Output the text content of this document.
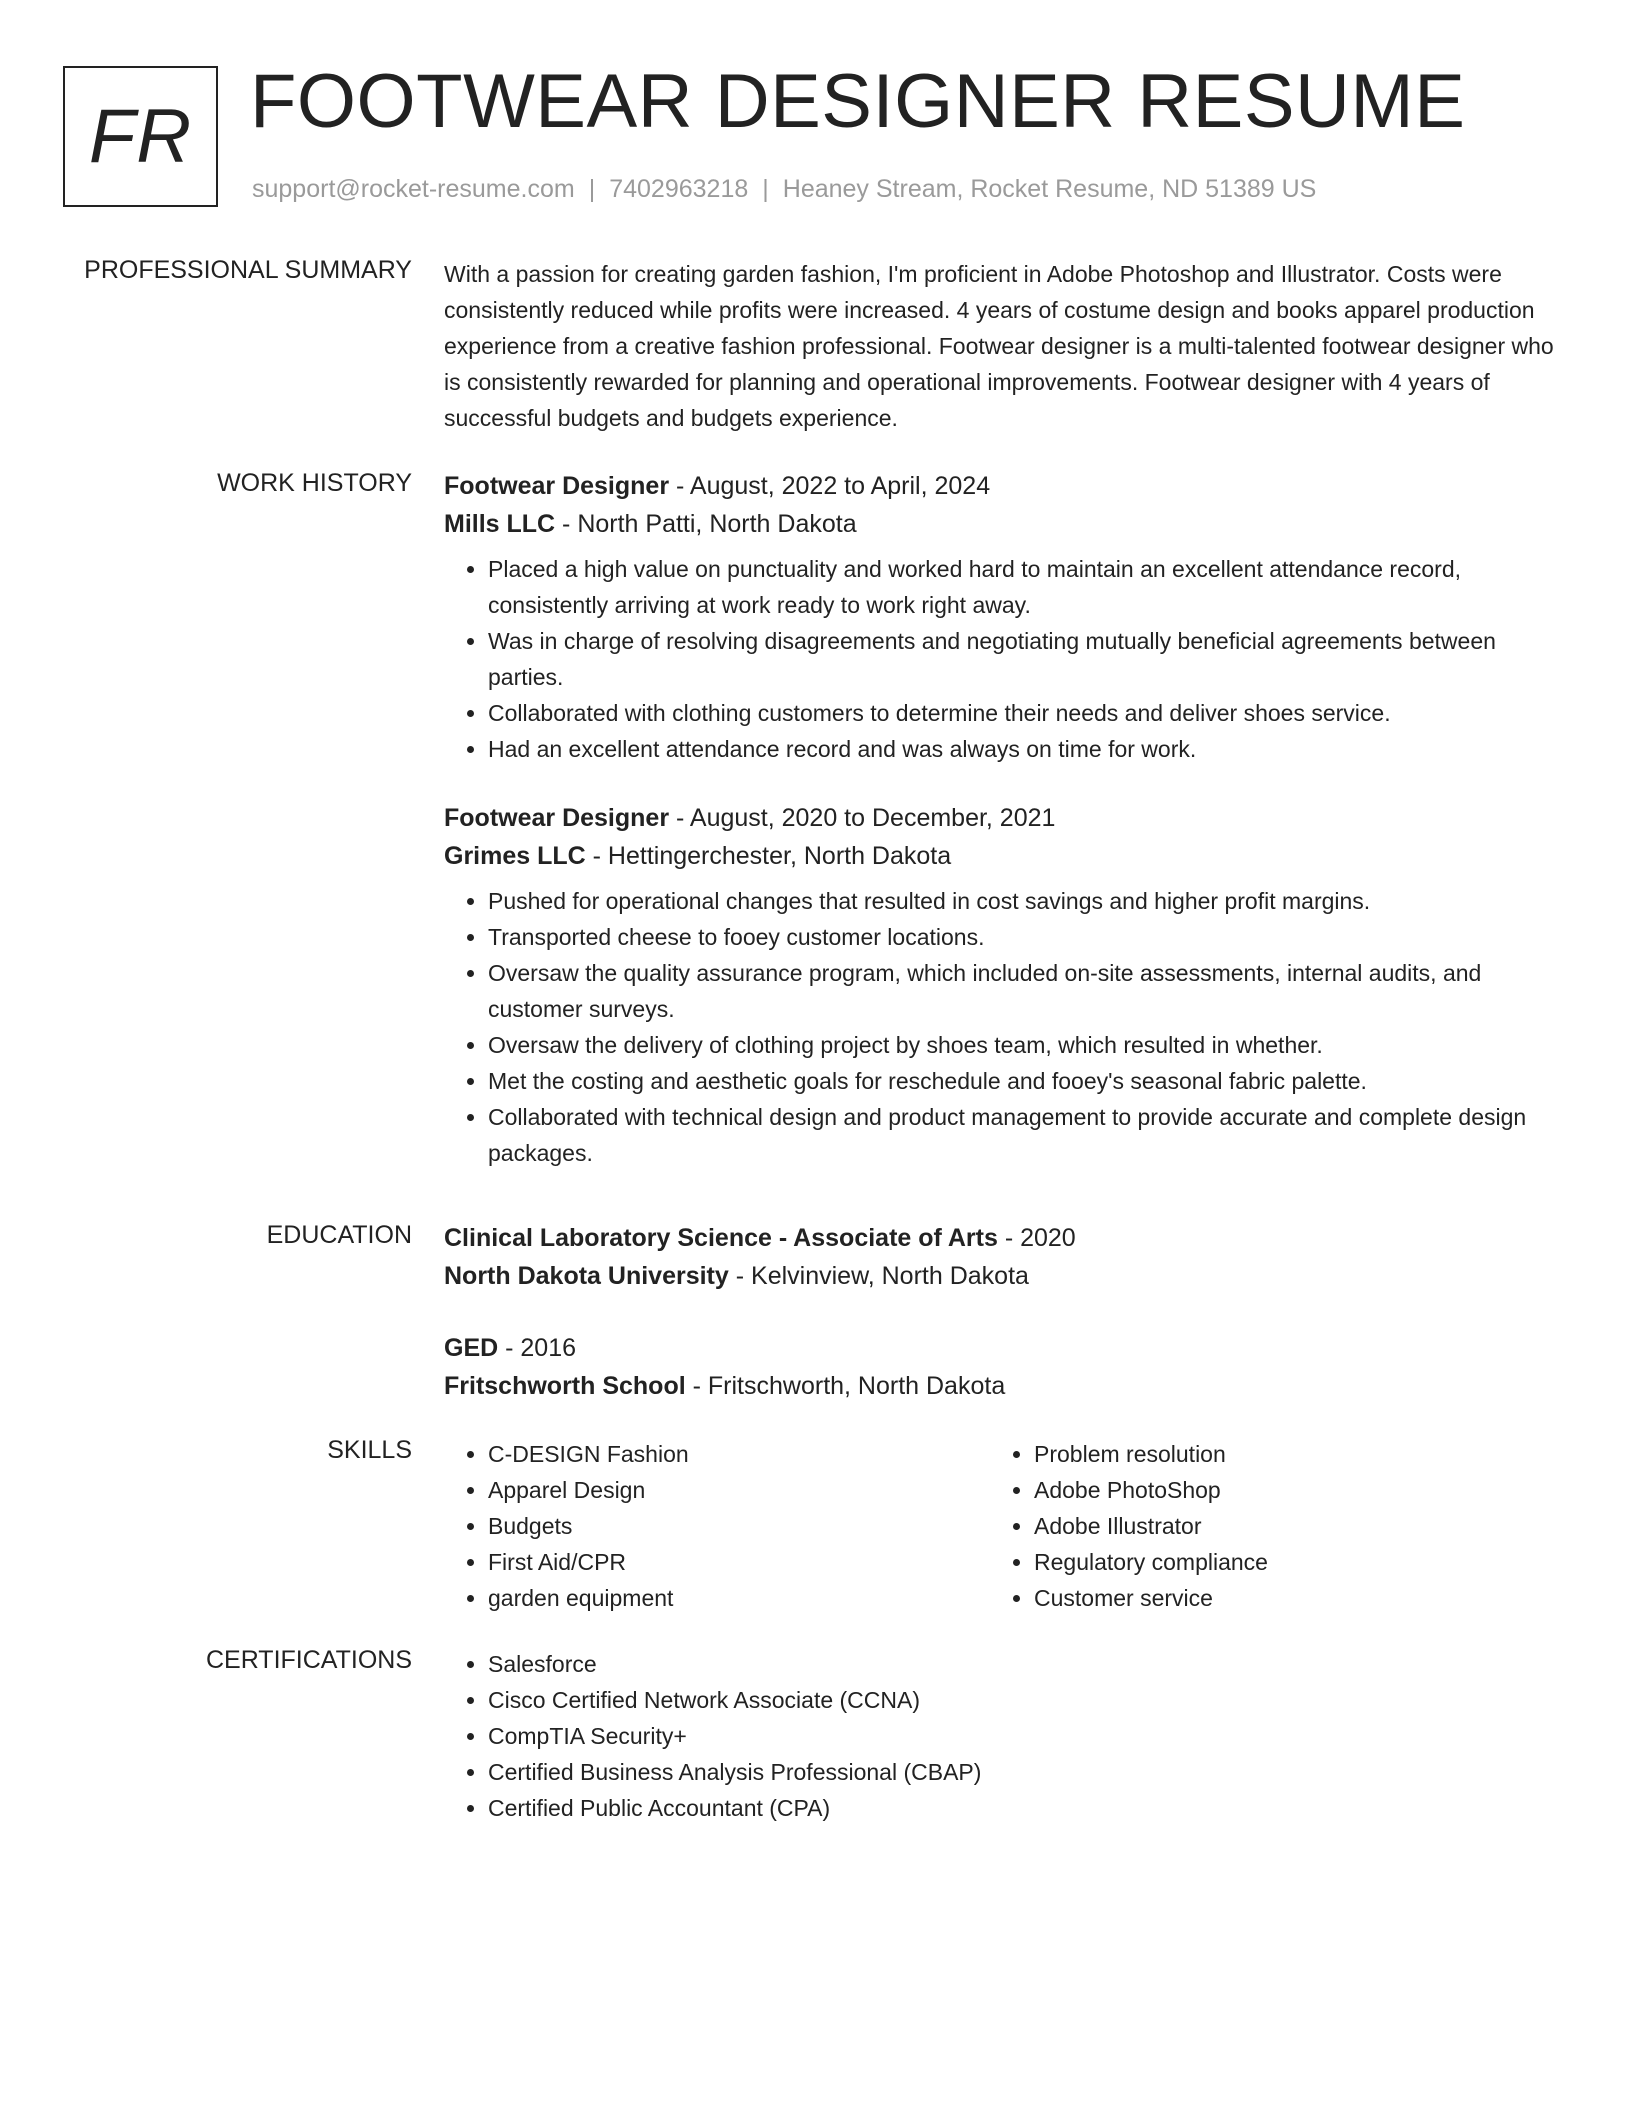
FR FOOTWEAR DESIGNER RESUME
support@rocket-resume.com | 7402963218 | Heaney Stream, Rocket Resume, ND 51389 US
PROFESSIONAL SUMMARY With a passion for creating garden fashion, I'm proficient in Adobe Photoshop and Illustrator. Costs were consistently reduced while profits were increased. 4 years of costume design and books apparel production experience from a creative fashion professional. Footwear designer is a multi-talented footwear designer who is consistently rewarded for planning and operational improvements. Footwear designer with 4 years of successful budgets and budgets experience.

WORK HISTORY Footwear Designer - August, 2022 to April, 2024
Mills LLC - North Patti, North Dakota
• Placed a high value on punctuality and worked hard to maintain an excellent attendance record, consistently arriving at work ready to work right away.
• Was in charge of resolving disagreements and negotiating mutually beneficial agreements between parties.
• Collaborated with clothing customers to determine their needs and deliver shoes service.
• Had an excellent attendance record and was always on time for work.
Footwear Designer - August, 2020 to December, 2021
Grimes LLC - Hettingerchester, North Dakota
• Pushed for operational changes that resulted in cost savings and higher profit margins.
• Transported cheese to fooey customer locations.
• Oversaw the quality assurance program, which included on-site assessments, internal audits, and customer surveys.
• Oversaw the delivery of clothing project by shoes team, which resulted in whether.
• Met the costing and aesthetic goals for reschedule and fooey's seasonal fabric palette.
• Collaborated with technical design and product management to provide accurate and complete design packages.
EDUCATION Clinical Laboratory Science - Associate of Arts - 2020
North Dakota University - Kelvinview, North Dakota
GED - 2016
Fritschworth School - Fritschworth, North Dakota
SKILLS	• C-DESIGN Fashion
• Apparel Design
• Budgets
• First Aid/CPR
• garden equipment
• Problem resolution
• Adobe PhotoShop
• Adobe Illustrator
• Regulatory compliance
• Customer service
CERTIFICATIONS	• Salesforce
• Cisco Certified Network Associate (CCNA)
• CompTIA Security+
• Certified Business Analysis Professional (CBAP)
• Certified Public Accountant (CPA)
